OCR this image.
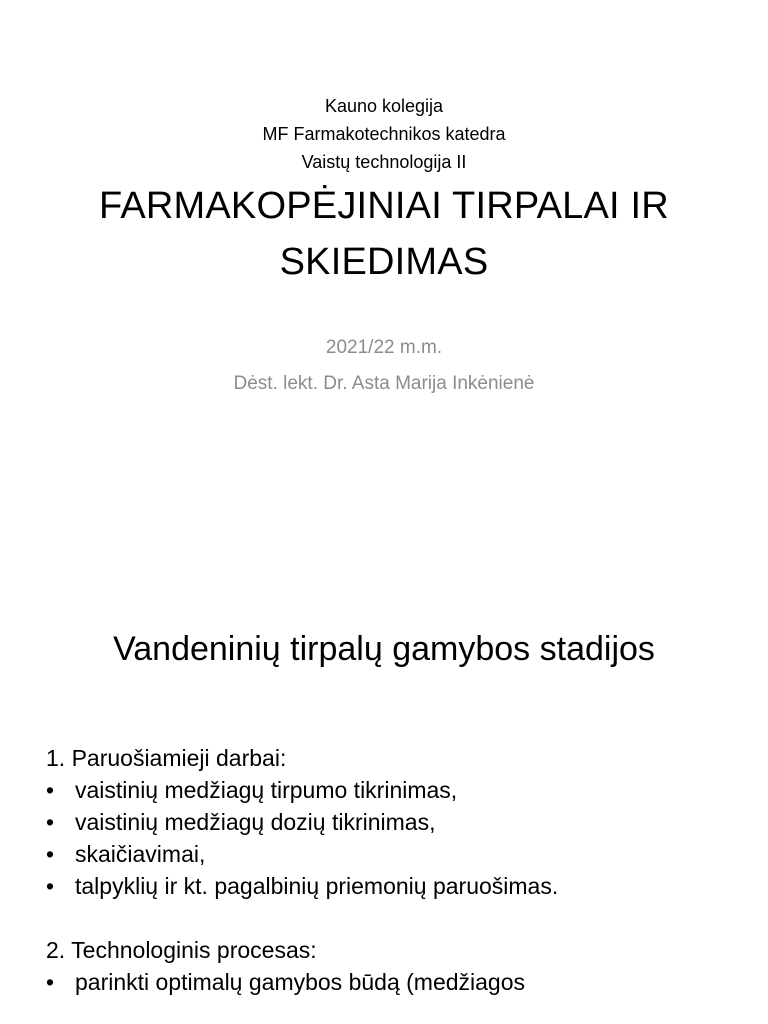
Kauno kolegija
MF Farmakotechnikos katedra
Vaistų technologija II
FARMAKOPĖJINIAI TIRPALAI IR
SKIEDIMAS
2021/22 m.m.
Dėst. lekt. Dr. Asta Marija Inkėnienė
Vandeninių tirpalų gamybos stadijos
1. Paruošiamieji darbai:
• vaistinių medžiagų tirpumo tikrinimas,
• vaistinių medžiagų dozių tikrinimas,
• skaičiavimai,
• talpyklių ir kt. pagalbinių priemonių paruošimas.
2. Technologinis procesas:
• parinkti optimalų gamybos būdą (medžiagos
